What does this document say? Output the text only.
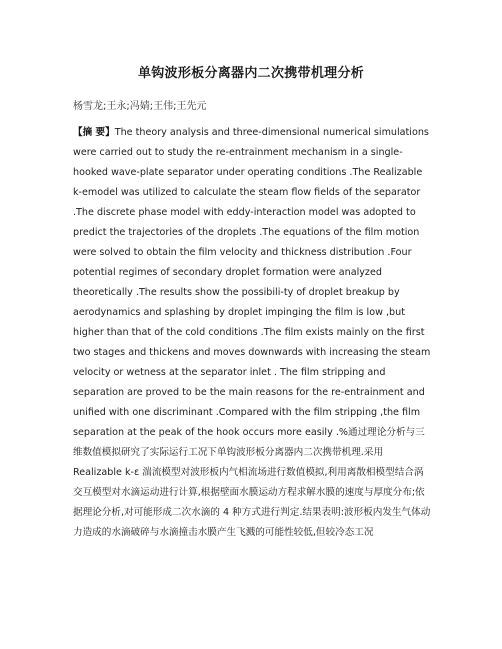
单钩波形板分离器内二次携带机理分析
杨雪龙;王永;冯婧;王伟;王先元
【摘 要】The theory analysis and three-dimensional numerical simulations were carried out to study the re-entrainment mechanism in a single-hooked wave-plate separator under operating conditions .The Realizable k-emodel was utilized to calculate the steam flow fields of the separator .The discrete phase model with eddy-interaction model was adopted to predict the trajectories of the droplets .The equations of the film motion were solved to obtain the film velocity and thickness distribution .Four potential regimes of secondary droplet formation were analyzed theoretically .The results show the possibili-ty of droplet breakup by aerodynamics and splashing by droplet impinging the film is low ,but higher than that of the cold conditions .The film exists mainly on the first two stages and thickens and moves downwards with increasing the steam velocity or wetness at the separator inlet . The film stripping and separation are proved to be the main reasons for the re-entrainment and unified with one discriminant .Compared with the film stripping ,the film separation at the peak of the hook occurs more easily .%通过理论分析与三维数值模拟研究了实际运行工况下单钩波形板分离器内二次携带机理.采用Realizable k-ε 湍流模型对波形板内气相流场进行数值模拟,利用离散相模型结合涡交互模型对水滴运动进行计算,根据壁面水膜运动方程求解水膜的速度与厚度分布;依据理论分析,对可能形成二次水滴的 4 种方式进行判定.结果表明:波形板内发生气体动力造成的水滴破碎与水滴撞击水膜产生飞溅的可能性较低,但较冷态工况
